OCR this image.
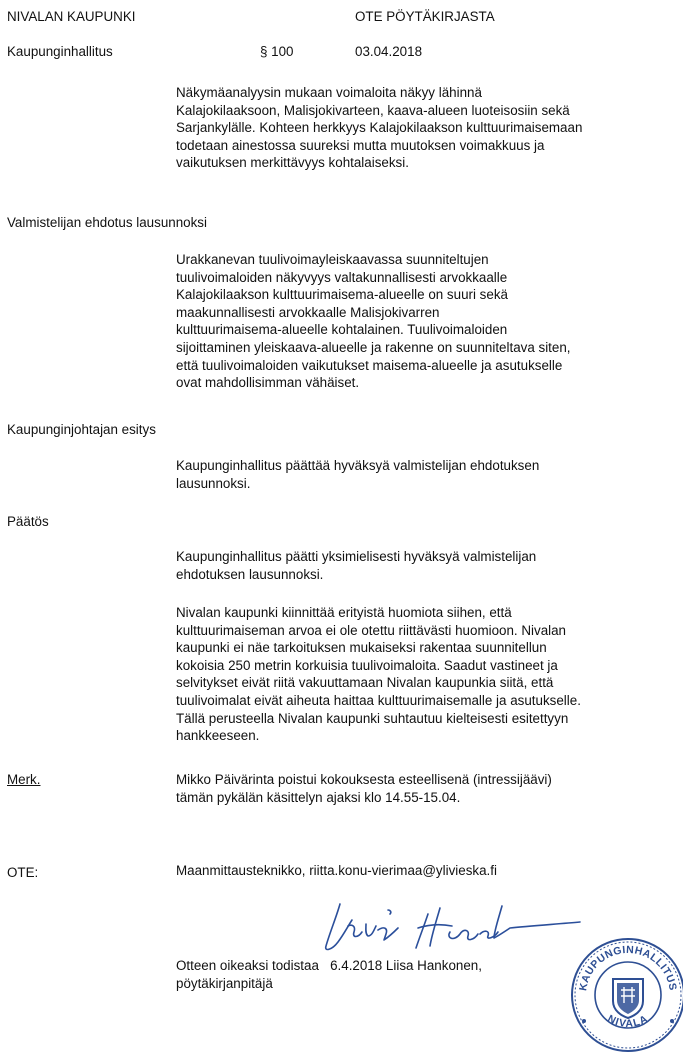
NIVALAN KAUPUNKI	OTE PÖYTÄKIRJASTA
Kaupunginhallitus	§ 100	03.04.2018
Näkymäanalyysin mukaan voimaloita näkyy lähinnä
Kalajokilaaksoon, Malisjokivarteen, kaava-alueen luoteisosiin sekä
Sarjankylälle. Kohteen herkkyys Kalajokilaakson kulttuurimaisemaan
todetaan ainestossa suureksi mutta muutoksen voimakkuus ja
vaikutuksen merkittävyys kohtalaiseksi.
Valmistelijan ehdotus lausunnoksi
Urakkanevan tuulivoimayleiskaavassa suunniteltujen
tuulivoimaloiden näkyvyys valtakunnallisesti arvokkaalle
Kalajokilaakson kulttuurimaisema-alueelle on suuri sekä
maakunnallisesti arvokkaalle Malisjokivarren
kulttuurimaisema-alueelle kohtalainen. Tuulivoimaloiden
sijoittaminen yleiskaava-alueelle ja rakenne on suunniteltava siten,
että tuulivoimaloiden vaikutukset maisema-alueelle ja asutukselle
ovat mahdollisimman vähäiset.
Kaupunginjohtajan esitys
Kaupunginhallitus päättää hyväksyä valmistelijan ehdotuksen
lausunnoksi.
Päätös
Kaupunginhallitus päätti yksimielisesti hyväksyä valmistelijan
ehdotuksen lausunnoksi.
Nivalan kaupunki kiinnittää erityistä huomiota siihen, että
kulttuurimaiseman arvoa ei ole otettu riittävästi huomioon. Nivalan
kaupunki ei näe tarkoituksen mukaiseksi rakentaa suunnitellun
kokoisia 250 metrin korkuisia tuulivoimaloita. Saadut vastineet ja
selvitykset eivät riitä vakuuttamaan Nivalan kaupunkia siitä, että
tuulivoimalat eivät aiheuta haittaa kulttuurimaisemalle ja asutukselle.
Tällä perusteella Nivalan kaupunki suhtautuu kielteisesti esitettyyn
hankkeeseen.
Merk.	Mikko Päivärinta poistui kokouksesta esteellisenä (intressijäävi)
tämän pykälän käsittelyn ajaksi klo 14.55-15.04.
OTE:	Maanmittausteknikko, riitta.konu-vierimaa@ylivieska.fi
Otteen oikeaksi todistaa   6.4.2018 Liisa Hankonen,
pöytäkirjanpitäjä	KAUPUNGINHALLITUS
NIVALA
